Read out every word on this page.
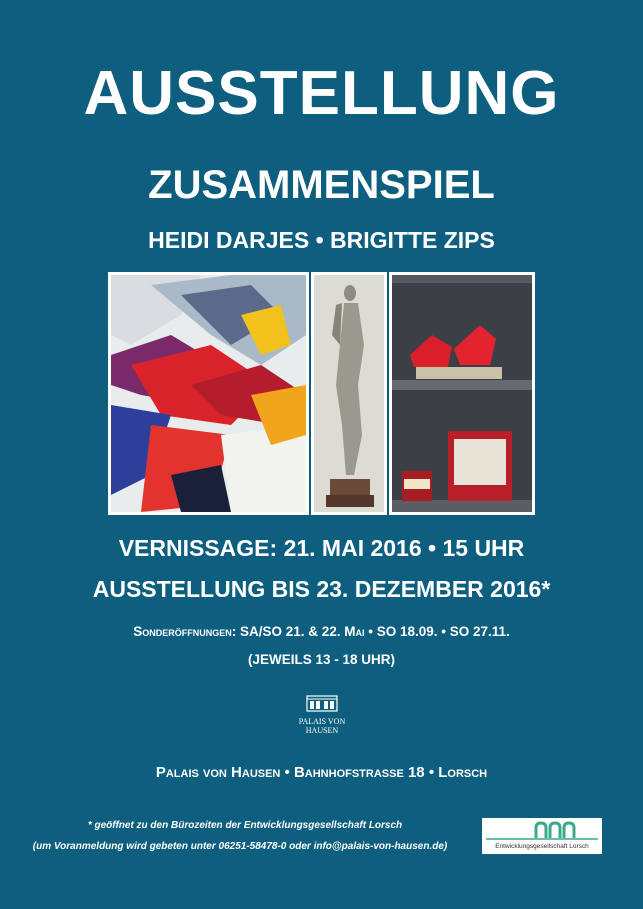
AUSSTELLUNG
ZUSAMMENSPIEL
HEIDI DARJES • BRIGITTE ZIPS
VERNISSAGE: 21. MAI 2016 • 15 UHR
AUSSTELLUNG BIS 23. DEZEMBER 2016*
Sonderöffnungen: SA/SO 21. & 22. Mai • SO 18.09. • SO 27.11.
(JEWEILS 13 - 18 UHR)
PALAIS VON
HAUSEN
Palais von Hausen • Bahnhofstrasse 18 • Lorsch
* geöffnet zu den Bürozeiten der Entwicklungsgesellschaft Lorsch
(um Voranmeldung wird gebeten unter 06251-58478-0 oder info@palais-von-hausen.de)	Entwicklungsgesellschaft Lorsch
